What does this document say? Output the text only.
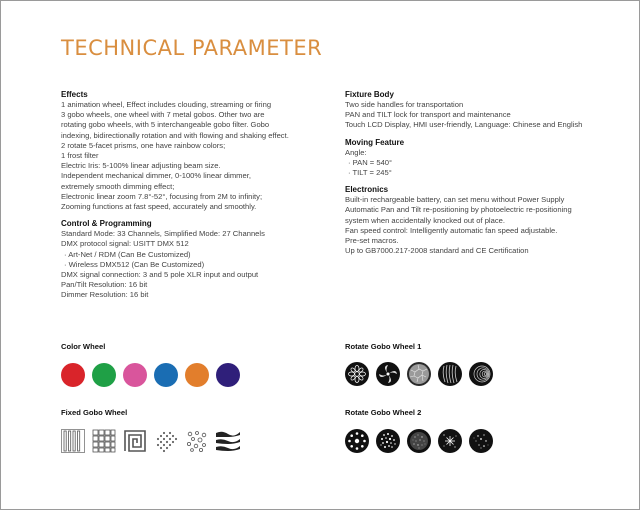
TECHNICAL PARAMETER
Effects
1 animation wheel, Effect includes clouding, streaming or firing
3 gobo wheels, one wheel with 7 metal gobos. Other two are
rotating gobo wheels, with 5 interchangeable gobo filter. Gobo
indexing, bidirectionally rotation and with flowing and shaking effect.
2 rotate 5-facet prisms, one have rainbow colors;
1 frost filter
Electric Iris: 5-100% linear adjusting beam size.
Independent mechanical dimmer, 0-100% linear dimmer,
extremely smooth dimming effect;
Electronic linear zoom 7.8°-52°, focusing from 2M to infinity;
Zooming functions at fast speed, accurately and smoothly.
Control & Programming
Standard Mode: 33 Channels, Simplified Mode: 27 Channels
DMX protocol signal: USITT DMX 512
· Art-Net / RDM (Can Be Customized)
· Wireless DMX512 (Can Be Customized)
DMX signal connection: 3 and 5 pole XLR input and output
Pan/Tilt Resolution: 16 bit
Dimmer Resolution: 16 bit
Fixture Body
Two side handles for transportation
PAN and TILT lock for transport and maintenance
Touch LCD Display, HMI user-friendly, Language: Chinese and English
Moving Feature
Angle:
· PAN = 540°
· TILT = 245°
Electronics
Built-in rechargeable battery, can set menu without Power Supply
Automatic Pan and Tilt re-positioning by photoelectric re-positioning
system when accidentally knocked out of place.
Fan speed control: Intelligently automatic fan speed adjustable.
Pre-set macros.
Up to GB7000.217-2008 standard and CE Certification
Color Wheel
Fixed Gobo Wheel
Rotate Gobo Wheel 1
Rotate Gobo Wheel 2
